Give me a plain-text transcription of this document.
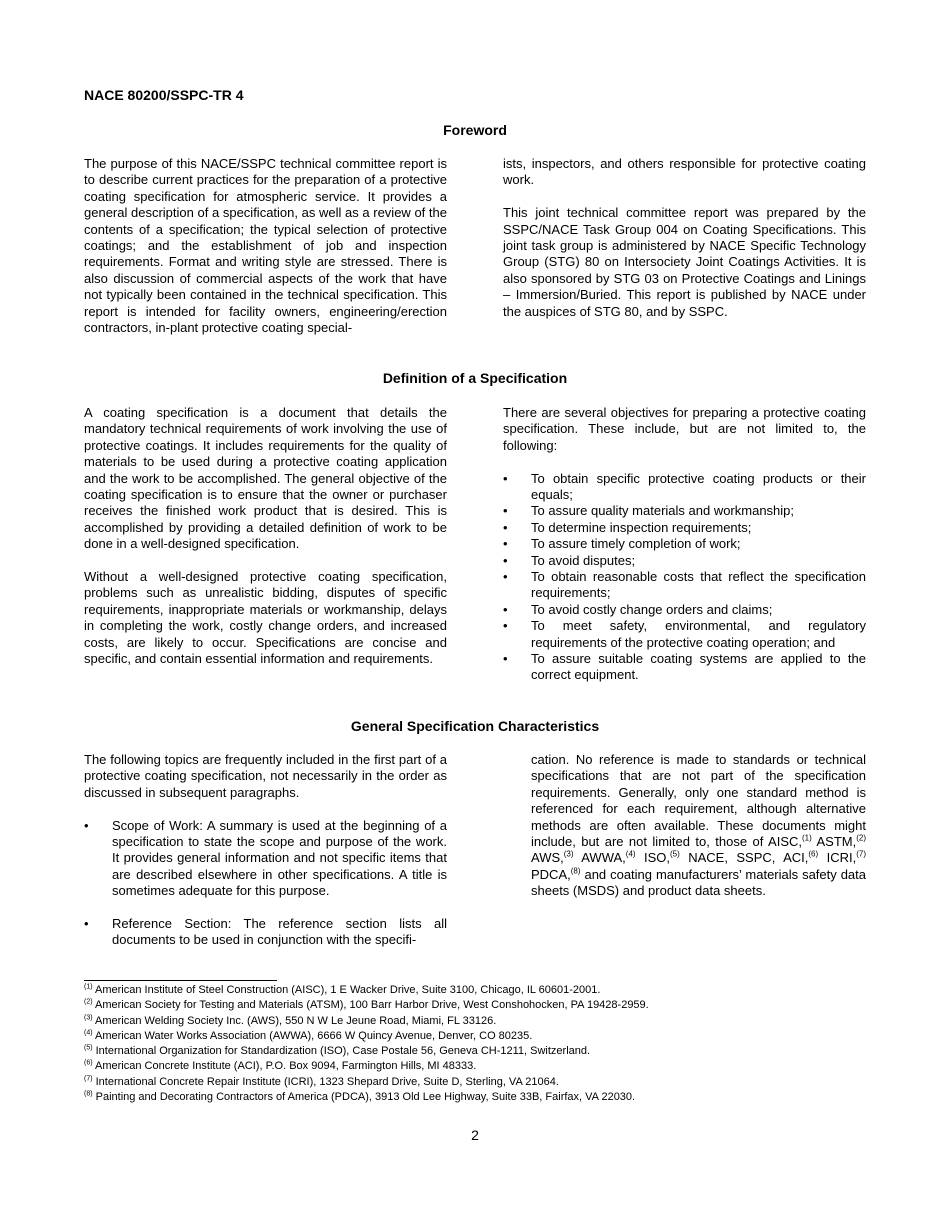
NACE 80200/SSPC-TR 4
Foreword

The purpose of this NACE/SSPC technical committee report is to describe current practices for the preparation of a protective coating specification for atmospheric service. It provides a general description of a specification, as well as a review of the contents of a specification; the typical selection of protective coatings; and the establishment of job and inspection requirements. Format and writing style are stressed. There is also discussion of commercial aspects of the work that have not typically been contained in the technical specification. This report is intended for facility owners, engineering/erection contractors, in-plant protective coating special-

ists, inspectors, and others responsible for protective coating work.

This joint technical committee report was prepared by the SSPC/NACE Task Group 004 on Coating Specifications. This joint task group is administered by NACE Specific Technology Group (STG) 80 on Intersociety Joint Coatings Activities. It is also sponsored by STG 03 on Protective Coatings and Linings – Immersion/Buried. This report is published by NACE under the auspices of STG 80, and by SSPC.

Definition of a Specification

A coating specification is a document that details the mandatory technical requirements of work involving the use of protective coatings. It includes requirements for the quality of materials to be used during a protective coating application and the work to be accomplished. The general objective of the coating specification is to ensure that the owner or purchaser receives the finished work product that is desired. This is accomplished by providing a detailed definition of work to be done in a well-designed specification.

Without a well-designed protective coating specification, problems such as unrealistic bidding, disputes of specific requirements, inappropriate materials or workmanship, delays in completing the work, costly change orders, and increased costs, are likely to occur. Specifications are concise and specific, and contain essential information and requirements.

There are several objectives for preparing a protective coating specification. These include, but are not limited to, the following:

• To obtain specific protective coating products or their equals;
• To assure quality materials and workmanship;
• To determine inspection requirements;
• To assure timely completion of work;
• To avoid disputes;
• To obtain reasonable costs that reflect the specification requirements;
• To avoid costly change orders and claims;
• To meet safety, environmental, and regulatory requirements of the protective coating operation; and
• To assure suitable coating systems are applied to the correct equipment.
General Specification Characteristics

The following topics are frequently included in the first part of a protective coating specification, not necessarily in the order as discussed in subsequent paragraphs.

• Scope of Work: A summary is used at the beginning of a specification to state the scope and purpose of the work. It provides general information and not specific items that are described elsewhere in other specifications. A title is sometimes adequate for this purpose.
• Reference Section: The reference section lists all documents to be used in conjunction with the specifi-

cation. No reference is made to standards or technical specifications that are not part of the specification requirements. Generally, only one standard method is referenced for each requirement, although alternative methods are often available. These documents might include, but are not limited to, those of AISC,$^{(1)}$ ASTM,$^{(2)}$ AWS,$^{(3)}$ AWWA,$^{(4)}$ ISO,$^{(5)}$ NACE, SSPC, ACI,$^{(6)}$ ICRI,$^{(7)}$ PDCA,$^{(8)}$ and coating manufacturers’ materials safety data sheets (MSDS) and product data sheets.

$^{(1)}$ American Institute of Steel Construction (AISC), 1 E Wacker Drive, Suite 3100, Chicago, IL 60601-2001.
$^{(2)}$ American Society for Testing and Materials (ATSM), 100 Barr Harbor Drive, West Conshohocken, PA 19428-2959.
$^{(3)}$ American Welding Society Inc. (AWS), 550 N W Le Jeune Road, Miami, FL 33126.
$^{(4)}$ American Water Works Association (AWWA), 6666 W Quincy Avenue, Denver, CO 80235.
$^{(5)}$ International Organization for Standardization (ISO), Case Postale 56, Geneva CH-1211, Switzerland.
$^{(6)}$ American Concrete Institute (ACI), P.O. Box 9094, Farmington Hills, MI 48333.
$^{(7)}$ International Concrete Repair Institute (ICRI), 1323 Shepard Drive, Suite D, Sterling, VA 21064.
$^{(8)}$ Painting and Decorating Contractors of America (PDCA), 3913 Old Lee Highway, Suite 33B, Fairfax, VA 22030.
2
